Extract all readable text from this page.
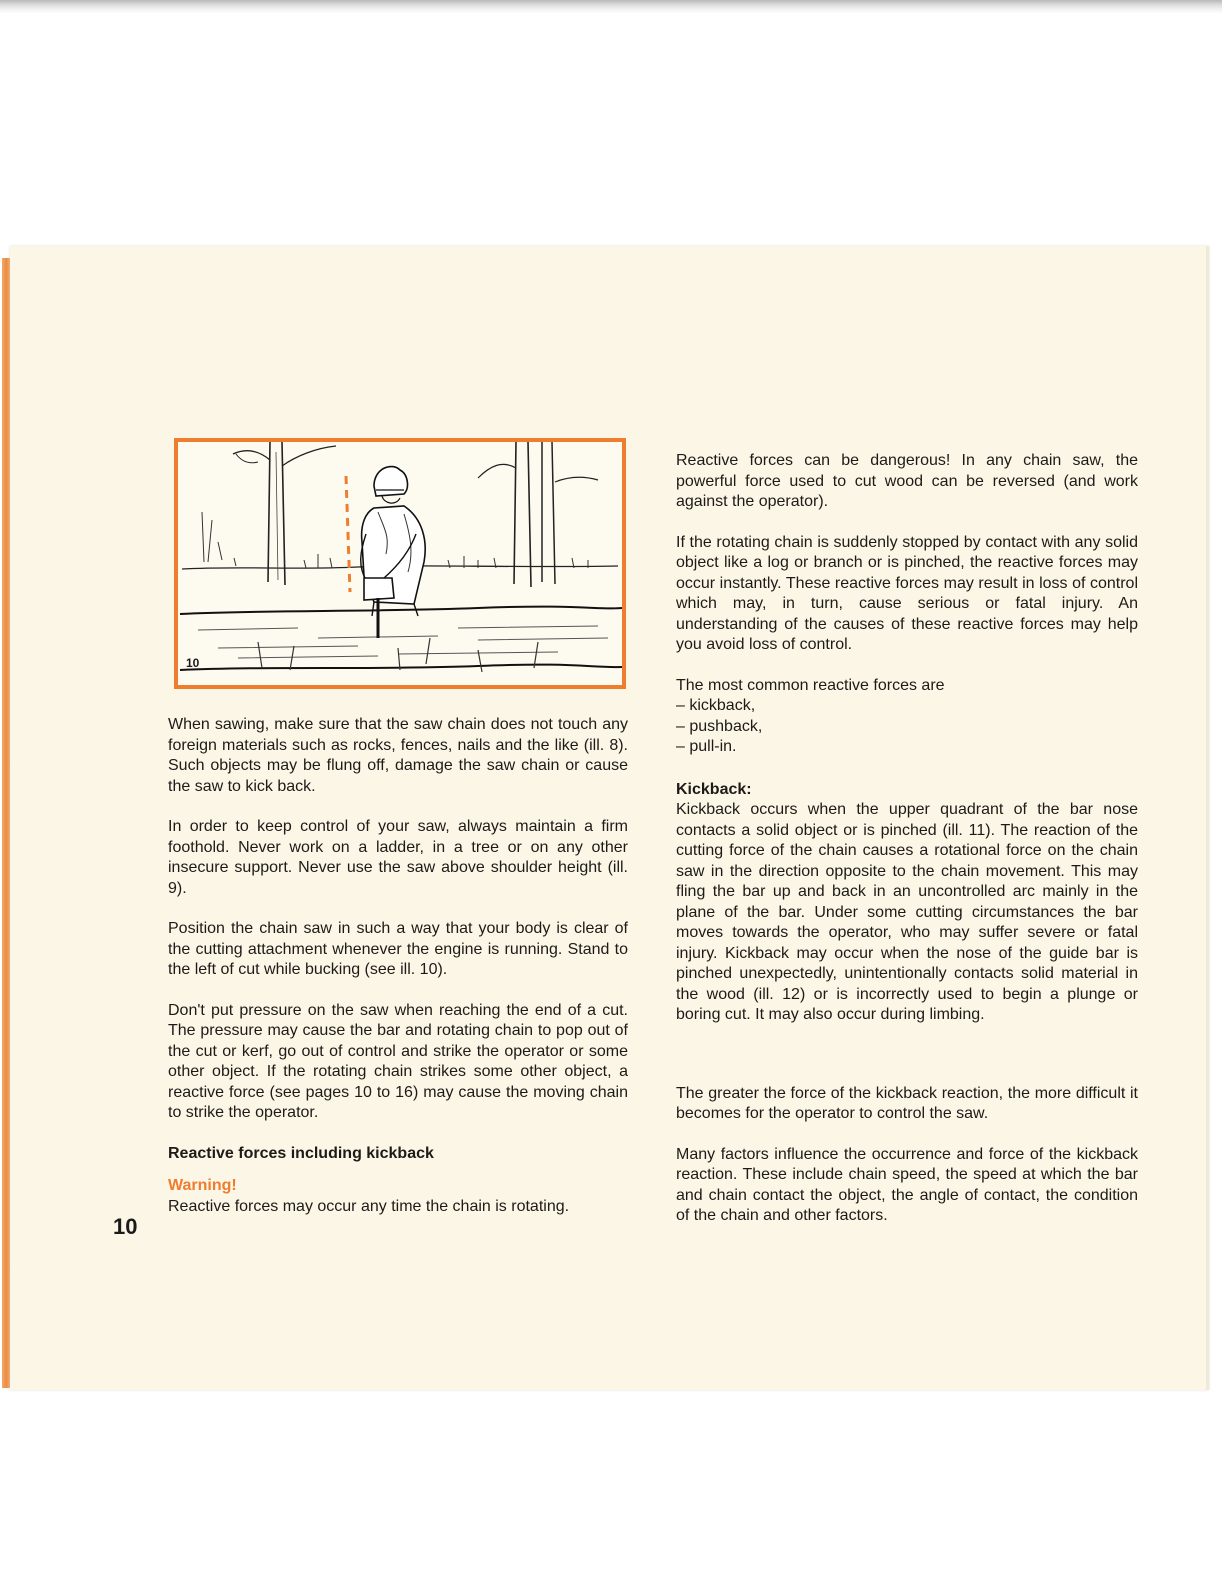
10

When sawing, make sure that the saw chain does not touch any foreign materials such as rocks, fences, nails and the like (ill. 8). Such objects may be flung off, damage the saw chain or cause the saw to kick back.

In order to keep control of your saw, always maintain a firm foothold. Never work on a ladder, in a tree or on any other insecure support. Never use the saw above shoulder height (ill. 9).

Position the chain saw in such a way that your body is clear of the cutting attachment whenever the engine is running. Stand to the left of cut while bucking (see ill. 10).

Don't put pressure on the saw when reaching the end of a cut. The pressure may cause the bar and rotating chain to pop out of the cut or kerf, go out of control and strike the operator or some other object. If the rotating chain strikes some other object, a reactive force (see pages 10 to 16) may cause the moving chain to strike the operator.

Reactive forces including kickback
Warning!
Reactive forces may occur any time the chain is rotating.

Reactive forces can be dangerous! In any chain saw, the powerful force used to cut wood can be reversed (and work against the operator).

If the rotating chain is suddenly stopped by contact with any solid object like a log or branch or is pinched, the reactive forces may occur instantly. These reactive forces may result in loss of control which may, in turn, cause serious or fatal injury. An understanding of the causes of these reactive forces may help you avoid loss of control.

The most common reactive forces are
– kickback,
– pushback,
– pull-in.
Kickback:

Kickback occurs when the upper quadrant of the bar nose contacts a solid object or is pinched (ill. 11). The reaction of the cutting force of the chain causes a rotational force on the chain saw in the direction opposite to the chain movement. This may fling the bar up and back in an uncontrolled arc mainly in the plane of the bar. Under some cutting circumstances the bar moves towards the operator, who may suffer severe or fatal injury. Kickback may occur when the nose of the guide bar is pinched unexpectedly, unintentionally contacts solid material in the wood (ill. 12) or is incorrectly used to begin a plunge or boring cut. It may also occur during limbing.

The greater the force of the kickback reaction, the more difficult it becomes for the operator to control the saw.

Many factors influence the occurrence and force of the kickback reaction. These include chain speed, the speed at which the bar and chain contact the object, the angle of contact, the condition of the chain and other factors.

10
